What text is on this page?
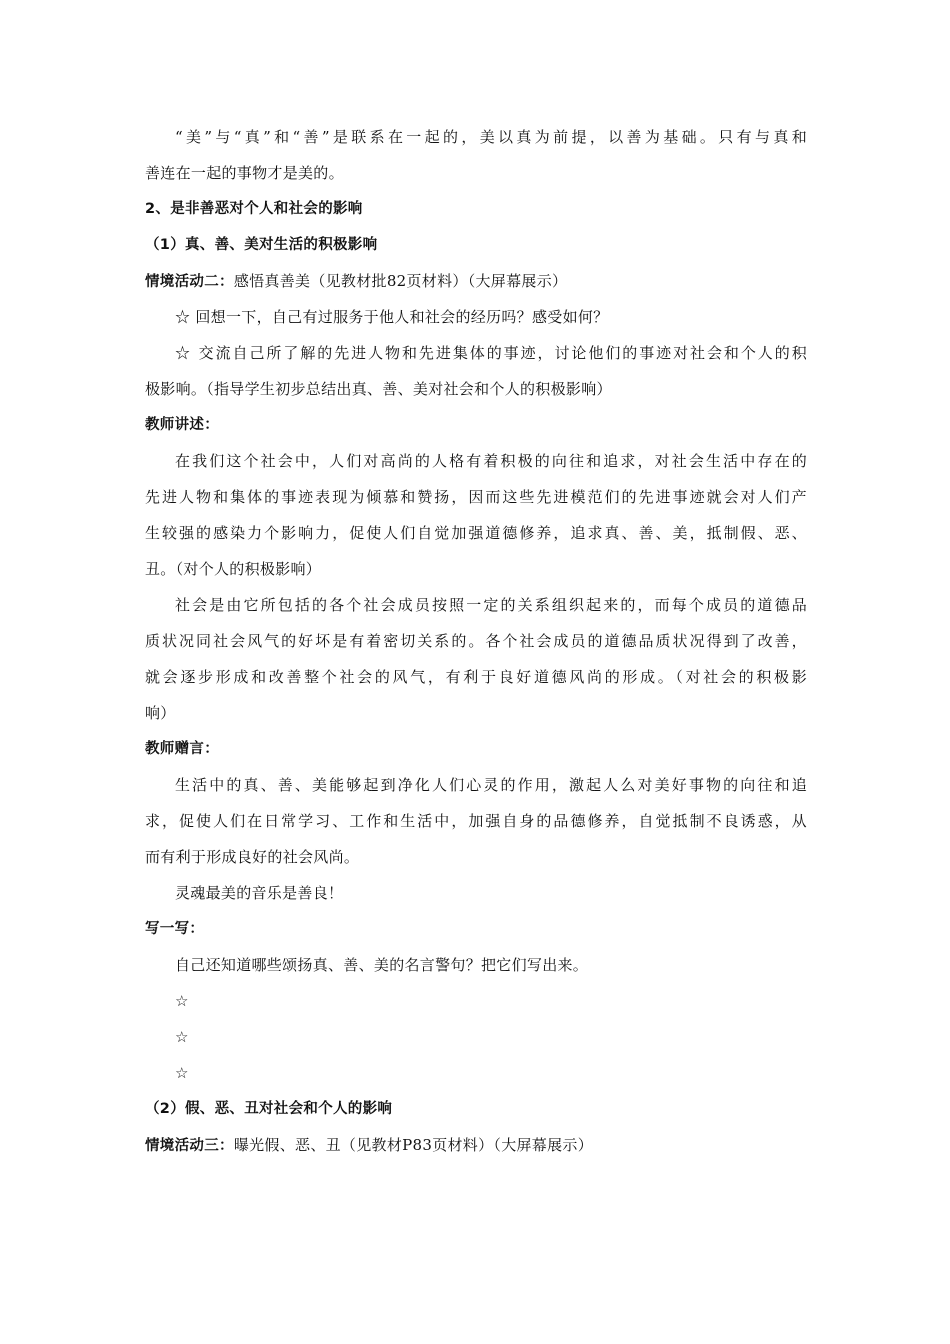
“美”与“真”和“善”是联系在一起的，美以真为前提，以善为基础。只有与真和
善连在一起的事物才是美的。
2、是非善恶对个人和社会的影响
（1）真、善、美对生活的积极影响
情境活动二：感悟真善美（见教材批82页材料）（大屏幕展示）
☆ 回想一下，自己有过服务于他人和社会的经历吗？感受如何？
☆ 交流自己所了解的先进人物和先进集体的事迹，讨论他们的事迹对社会和个人的积
极影响。（指导学生初步总结出真、善、美对社会和个人的积极影响）
教师讲述：
在我们这个社会中，人们对高尚的人格有着积极的向往和追求，对社会生活中存在的
先进人物和集体的事迹表现为倾慕和赞扬，因而这些先进模范们的先进事迹就会对人们产
生较强的感染力个影响力，促使人们自觉加强道德修养，追求真、善、美，抵制假、恶、
丑。（对个人的积极影响）
社会是由它所包括的各个社会成员按照一定的关系组织起来的，而每个成员的道德品
质状况同社会风气的好坏是有着密切关系的。各个社会成员的道德品质状况得到了改善，
就会逐步形成和改善整个社会的风气，有利于良好道德风尚的形成。（对社会的积极影
响）
教师赠言：
生活中的真、善、美能够起到净化人们心灵的作用，激起人么对美好事物的向往和追
求，促使人们在日常学习、工作和生活中，加强自身的品德修养，自觉抵制不良诱惑，从
而有利于形成良好的社会风尚。
灵魂最美的音乐是善良！
写一写：
自己还知道哪些颂扬真、善、美的名言警句？把它们写出来。
☆
☆
☆
（2）假、恶、丑对社会和个人的影响
情境活动三：曝光假、恶、丑（见教材P83页材料）（大屏幕展示）
